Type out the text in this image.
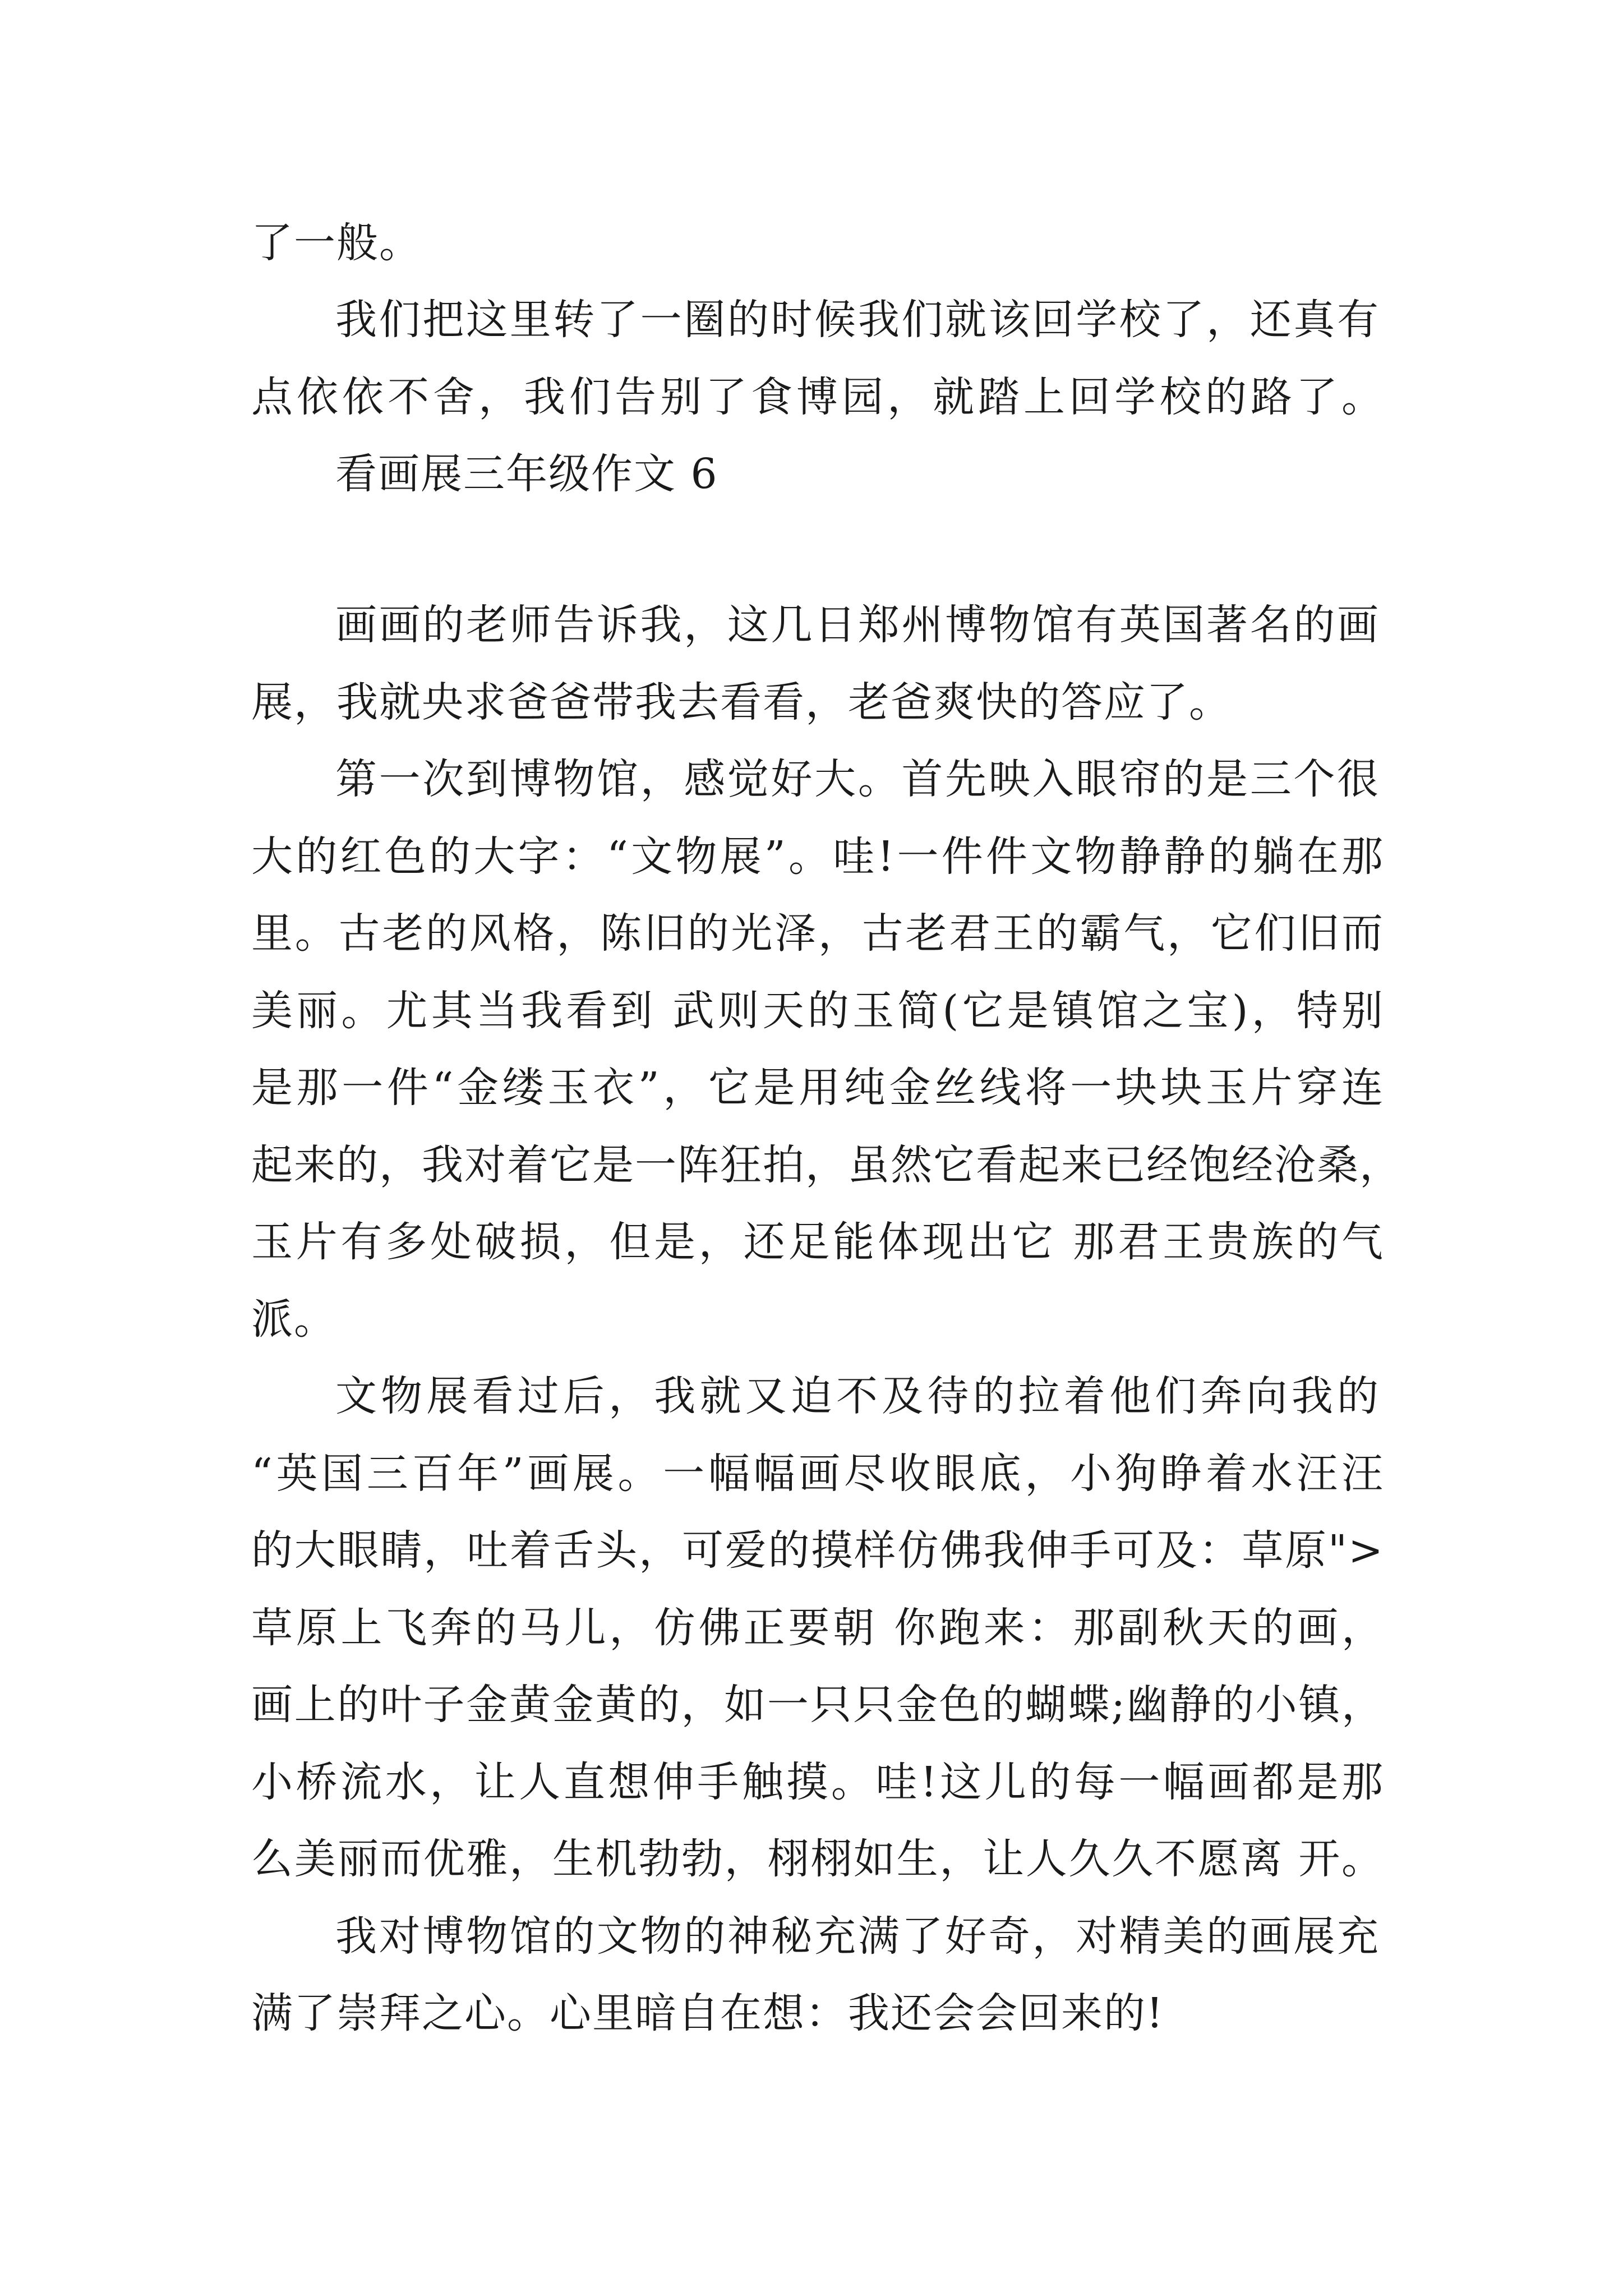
了一般。
我们把这里转了一圈的时候我们就该回学校了，还真有
点依依不舍，我们告别了食博园，就踏上回学校的路了。
看画展三年级作文 6
画画的老师告诉我，这几日郑州博物馆有英国著名的画
展，我就央求爸爸带我去看看，老爸爽快的答应了。
第一次到博物馆，感觉好大。首先映入眼帘的是三个很
大的红色的大字：“文物展”。哇!一件件文物静静的躺在那
里。古老的风格，陈旧的光泽，古老君王的霸气，它们旧而
美丽。尤其当我看到 武则天的玉简(它是镇馆之宝)，特别
是那一件“金缕玉衣”，它是用纯金丝线将一块块玉片穿连
起来的，我对着它是一阵狂拍，虽然它看起来已经饱经沧桑，
玉片有多处破损，但是，还足能体现出它 那君王贵族的气
派。
文物展看过后，我就又迫不及待的拉着他们奔向我的
“英国三百年”画展。一幅幅画尽收眼底，小狗睁着水汪汪
的大眼睛，吐着舌头，可爱的摸样仿佛我伸手可及：草原">
草原上飞奔的马儿，仿佛正要朝 你跑来：那副秋天的画，
画上的叶子金黄金黄的，如一只只金色的蝴蝶;幽静的小镇，
小桥流水，让人直想伸手触摸。哇!这儿的每一幅画都是那
么美丽而优雅，生机勃勃，栩栩如生，让人久久不愿离 开。
我对博物馆的文物的神秘充满了好奇，对精美的画展充
满了崇拜之心。心里暗自在想：我还会会回来的!
